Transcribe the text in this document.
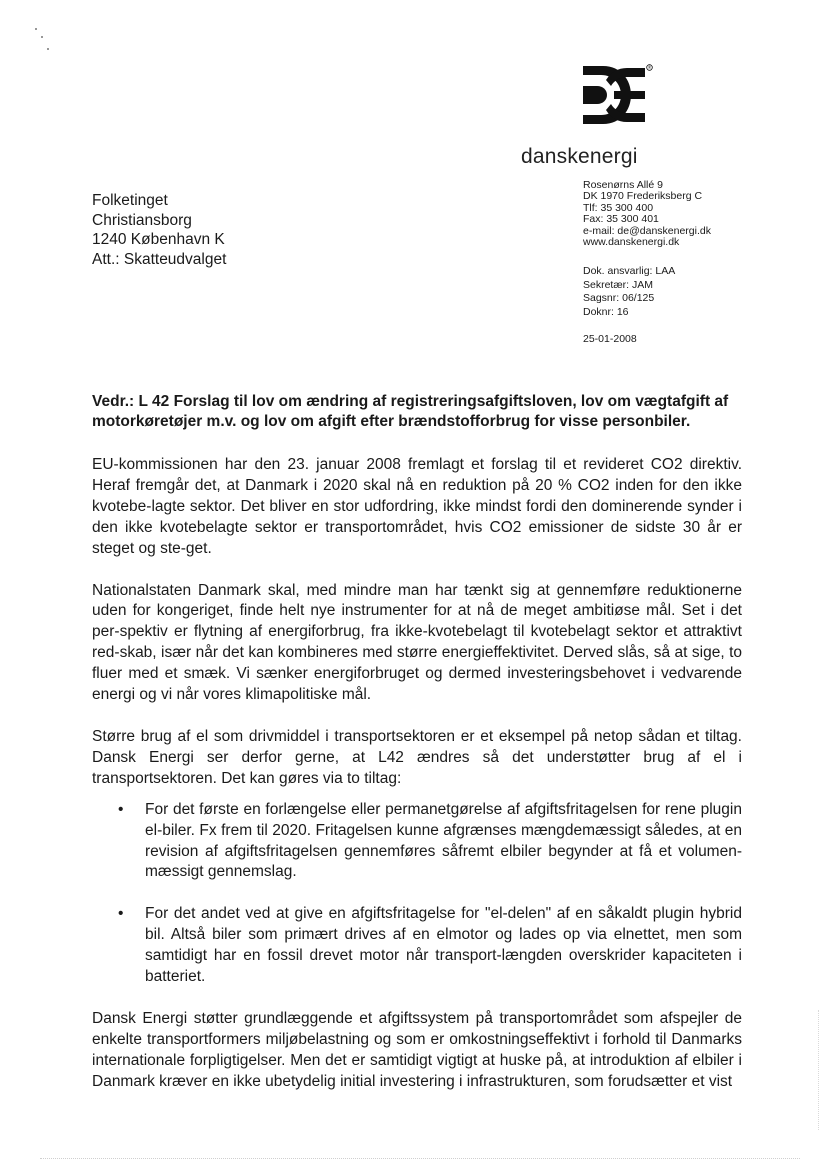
®
danskenergi
Folketinget
Christiansborg
1240 København K
Att.: Skatteudvalget
Rosenørns Allé 9
DK 1970 Frederiksberg C
Tlf: 35 300 400
Fax: 35 300 401
e-mail: de@danskenergi.dk
www.danskenergi.dk
Dok. ansvarlig: LAA
Sekretær: JAM
Sagsnr: 06/125
Doknr: 16
25-01-2008
Vedr.: L 42 Forslag til lov om ændring af registreringsafgiftsloven, lov om vægtafgift af motorkøretøjer m.v. og lov om afgift efter brændstofforbrug for visse personbiler.

EU-kommissionen har den 23. januar 2008 fremlagt et forslag til et revideret CO2 direktiv. Heraf fremgår det, at Danmark i 2020 skal nå en reduktion på 20 % CO2 inden for den ikke kvotebe-lagte sektor. Det bliver en stor udfordring, ikke mindst fordi den dominerende synder i den ikke kvotebelagte sektor er transportområdet, hvis CO2 emissioner de sidste 30 år er steget og ste-get.

Nationalstaten Danmark skal, med mindre man har tænkt sig at gennemføre reduktionerne uden for kongeriget, finde helt nye instrumenter for at nå de meget ambitiøse mål. Set i det per-spektiv er flytning af energiforbrug, fra ikke-kvotebelagt til kvotebelagt sektor et attraktivt red-skab, især når det kan kombineres med større energieffektivitet. Derved slås, så at sige, to fluer med et smæk. Vi sænker energiforbruget og dermed investeringsbehovet i vedvarende energi og vi når vores klimapolitiske mål.

Større brug af el som drivmiddel i transportsektoren er et eksempel på netop sådan et tiltag. Dansk Energi ser derfor gerne, at L42 ændres så det understøtter brug af el i transportsektoren. Det kan gøres via to tiltag:

• For det første en forlængelse eller permanetgørelse af afgiftsfritagelsen for rene plugin el-biler. Fx frem til 2020. Fritagelsen kunne afgrænses mængdemæssigt således, at en revision af afgiftsfritagelsen gennemføres såfremt elbiler begynder at få et volumen-mæssigt gennemslag.
• For det andet ved at give en afgiftsfritagelse for "el-delen" af en såkaldt plugin hybrid bil. Altså biler som primært drives af en elmotor og lades op via elnettet, men som samtidigt har en fossil drevet motor når transport-længden overskrider kapaciteten i batteriet.

Dansk Energi støtter grundlæggende et afgiftssystem på transportområdet som afspejler de enkelte transportformers miljøbelastning og som er omkostningseffektivt i forhold til Danmarks internationale forpligtigelser. Men det er samtidigt vigtigt at huske på, at introduktion af elbiler i Danmark kræver en ikke ubetydelig initial investering i infrastrukturen, som forudsætter et vist
